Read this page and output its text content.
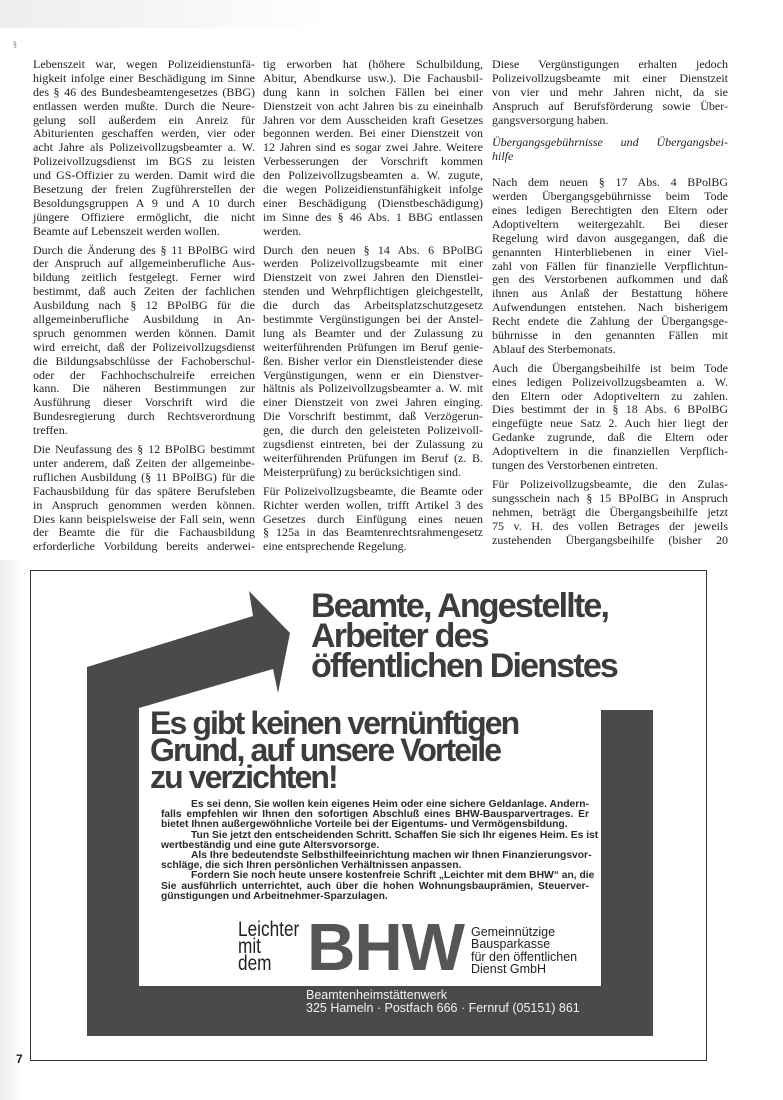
§
Lebenszeit war, wegen Polizeidienstunfä-
higkeit infolge einer Beschädigung im Sinne
des § 46 des Bundesbeamtengesetzes (BBG)
entlassen werden mußte. Durch die Neure-
gelung soll außerdem ein Anreiz für
Abiturienten geschaffen werden, vier oder
acht Jahre als Polizeivollzugsbeamter a. W.
Polizeivollzugsdienst im BGS zu leisten
und GS-Offizier zu werden. Damit wird die
Besetzung der freien Zugführerstellen der
Besoldungsgruppen A 9 und A 10 durch
jüngere Offiziere ermöglicht, die nicht
Beamte auf Lebenszeit werden wollen.
Durch die Änderung des § 11 BPolBG wird
der Anspruch auf allgemeinberufliche Aus-
bildung zeitlich festgelegt. Ferner wird
bestimmt, daß auch Zeiten der fachlichen
Ausbildung nach § 12 BPolBG für die
allgemeinberufliche Ausbildung in An-
spruch genommen werden können. Damit
wird erreicht, daß der Polizeivollzugsdienst
die Bildungsabschlüsse der Fachoberschul-
oder der Fachhochschulreife erreichen
kann. Die näheren Bestimmungen zur
Ausführung dieser Vorschrift wird die
Bundesregierung durch Rechtsverordnung
treffen.
Die Neufassung des § 12 BPolBG bestimmt
unter anderem, daß Zeiten der allgemeinbe-
ruflichen Ausbildung (§ 11 BPolBG) für die
Fachausbildung für das spätere Berufsleben
in Anspruch genommen werden können.
Dies kann beispielsweise der Fall sein, wenn
der Beamte die für die Fachausbildung
erforderliche Vorbildung bereits anderwei-
tig erworben hat (höhere Schulbildung,
Abitur, Abendkurse usw.). Die Fachausbil-
dung kann in solchen Fällen bei einer
Dienstzeit von acht Jahren bis zu eineinhalb
Jahren vor dem Ausscheiden kraft Gesetzes
begonnen werden. Bei einer Dienstzeit von
12 Jahren sind es sogar zwei Jahre. Weitere
Verbesserungen der Vorschrift kommen
den Polizeivollzugsbeamten a. W. zugute,
die wegen Polizeidienstunfähigkeit infolge
einer Beschädigung (Dienstbeschädigung)
im Sinne des § 46 Abs. 1 BBG entlassen
werden.
Durch den neuen § 14 Abs. 6 BPolBG
werden Polizeivollzugsbeamte mit einer
Dienstzeit von zwei Jahren den Dienstlei-
stenden und Wehrpflichtigen gleichgestellt,
die durch das Arbeitsplatzschutzgesetz
bestimmte Vergünstigungen bei der Anstel-
lung als Beamter und der Zulassung zu
weiterführenden Prüfungen im Beruf genie-
ßen. Bisher verlor ein Dienstleistender diese
Vergünstigungen, wenn er ein Dienstver-
hältnis als Polizeivollzugsbeamter a. W. mit
einer Dienstzeit von zwei Jahren einging.
Die Vorschrift bestimmt, daß Verzögerun-
gen, die durch den geleisteten Polizeivoll-
zugsdienst eintreten, bei der Zulassung zu
weiterführenden Prüfungen im Beruf (z. B.
Meisterprüfung) zu berücksichtigen sind.
Für Polizeivollzugsbeamte, die Beamte oder
Richter werden wollen, trifft Artikel 3 des
Gesetzes durch Einfügung eines neuen
§ 125a in das Beamtenrechtsrahmengesetz
eine entsprechende Regelung.
Diese Vergünstigungen erhalten jedoch
Polizeivollzugsbeamte mit einer Dienstzeit
von vier und mehr Jahren nicht, da sie
Anspruch auf Berufsförderung sowie Über-
gangsversorgung haben.
Übergangsgebührnisse und Übergangsbei-
hilfe
Nach dem neuen § 17 Abs. 4 BPolBG
werden Übergangsgebührnisse beim Tode
eines ledigen Berechtigten den Eltern oder
Adoptiveltern weitergezahlt. Bei dieser
Regelung wird davon ausgegangen, daß die
genannten Hinterbliebenen in einer Viel-
zahl von Fällen für finanzielle Verpflichtun-
gen des Verstorbenen aufkommen und daß
ihnen aus Anlaß der Bestattung höhere
Aufwendungen entstehen. Nach bisherigem
Recht endete die Zahlung der Übergangsge-
bührnisse in den genannten Fällen mit
Ablauf des Sterbemonats.
Auch die Übergangsbeihilfe ist beim Tode
eines ledigen Polizeivollzugsbeamten a. W.
den Eltern oder Adoptiveltern zu zahlen.
Dies bestimmt der in § 18 Abs. 6 BPolBG
eingefügte neue Satz 2. Auch hier liegt der
Gedanke zugrunde, daß die Eltern oder
Adoptiveltern in die finanziellen Verpflich-
tungen des Verstorbenen eintreten.
Für Polizeivollzugsbeamte, die den Zulas-
sungsschein nach § 15 BPolBG in Anspruch
nehmen, beträgt die Übergangsbeihilfe jetzt
75 v. H. des vollen Betrages der jeweils
zustehenden Übergangsbeihilfe (bisher 20
Beamte, Angestellte,
Arbeiter des
öffentlichen Dienstes
Es gibt keinen vernünftigen
Grund, auf unsere Vorteile
zu verzichten!
Es sei denn, Sie wollen kein eigenes Heim oder eine sichere Geldanlage. Andern-
falls empfehlen wir Ihnen den sofortigen Abschluß eines BHW-Bausparvertrages. Er
bietet Ihnen außergewöhnliche Vorteile bei der Eigentums- und Vermögensbildung.
Tun Sie jetzt den entscheidenden Schritt. Schaffen Sie sich Ihr eigenes Heim. Es ist
wertbeständig und eine gute Altersvorsorge.
Als Ihre bedeutendste Selbsthilfeeinrichtung machen wir Ihnen Finanzierungsvor-
schläge, die sich Ihren persönlichen Verhältnissen anpassen.
Fordern Sie noch heute unsere kostenfreie Schrift „Leichter mit dem BHW“ an, die
Sie ausführlich unterrichtet, auch über die hohen Wohnungsbauprämien, Steuerver-
günstigungen und Arbeitnehmer-Sparzulagen.
Leichter
mit
dem BHW Gemeinnützige
Bausparkasse
für den öffentlichen
Dienst GmbH
Beamtenheimstättenwerk
325 Hameln · Postfach 666 · Fernruf (05151) 861
7
